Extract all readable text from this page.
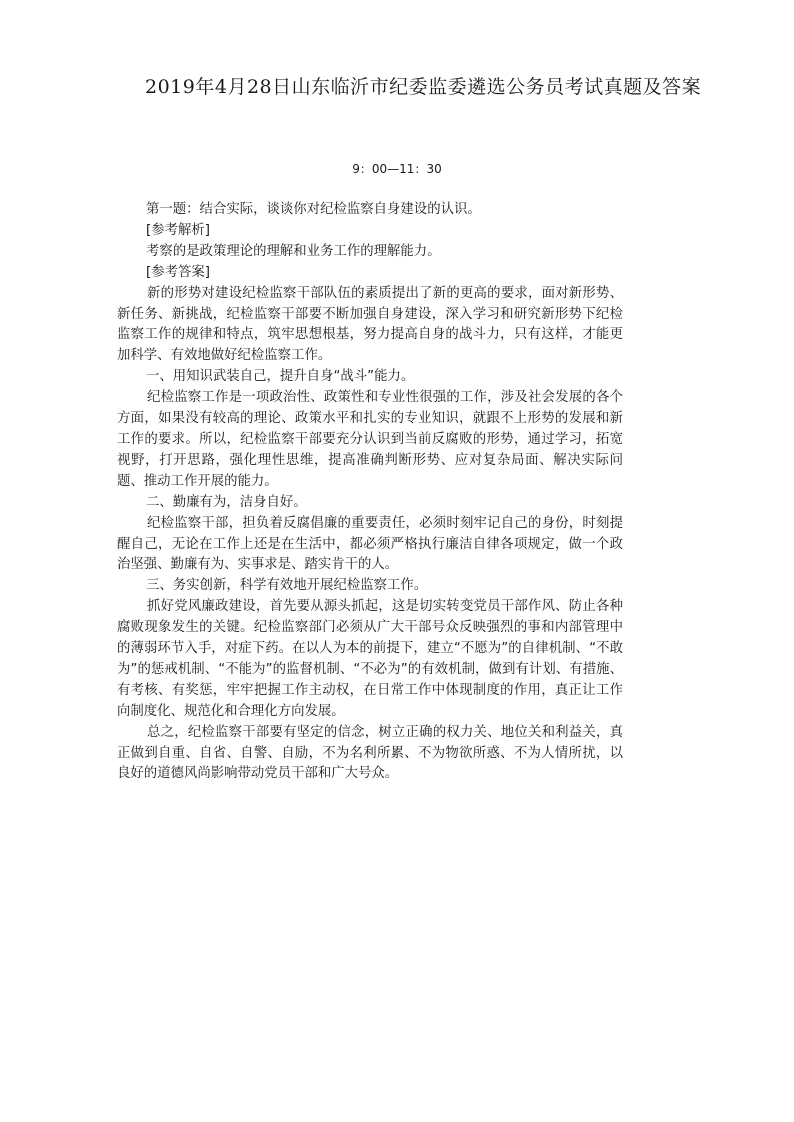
2019年4月28日山东临沂市纪委监委遴选公务员考试真题及答案

9：00—11：30

第一题：结合实际，谈谈你对纪检监察自身建设的认识。

[参考解析]

考察的是政策理论的理解和业务工作的理解能力。

[参考答案]

新的形势对建设纪检监察干部队伍的素质提出了新的更高的要求，面对新形势、新任务、新挑战，纪检监察干部要不断加强自身建设，深入学习和研究新形势下纪检监察工作的规律和特点，筑牢思想根基，努力提高自身的战斗力，只有这样，才能更加科学、有效地做好纪检监察工作。

一、用知识武装自己，提升自身“战斗”能力。

纪检监察工作是一项政治性、政策性和专业性很强的工作，涉及社会发展的各个方面，如果没有较高的理论、政策水平和扎实的专业知识，就跟不上形势的发展和新工作的要求。所以，纪检监察干部要充分认识到当前反腐败的形势，通过学习，拓宽视野，打开思路，强化理性思维，提高准确判断形势、应对复杂局面、解决实际问题、推动工作开展的能力。

二、勤廉有为，洁身自好。

纪检监察干部，担负着反腐倡廉的重要责任，必须时刻牢记自己的身份，时刻提醒自己，无论在工作上还是在生活中，都必须严格执行廉洁自律各项规定，做一个政治坚强、勤廉有为、实事求是、踏实肯干的人。

三、务实创新，科学有效地开展纪检监察工作。

抓好党风廉政建设，首先要从源头抓起，这是切实转变党员干部作风、防止各种腐败现象发生的关键。纪检监察部门必须从广大干部号众反映强烈的事和内部管理中的薄弱环节入手，对症下药。在以人为本的前提下，建立“不愿为”的自律机制、“不敢为”的惩戒机制、“不能为”的监督机制、“不必为”的有效机制，做到有计划、有措施、有考核、有奖惩，牢牢把握工作主动权，在日常工作中体现制度的作用，真正让工作向制度化、规范化和合理化方向发展。

总之，纪检监察干部要有坚定的信念，树立正确的权力关、地位关和利益关，真正做到自重、自省、自警、自励，不为名利所累、不为物欲所惑、不为人情所扰，以良好的道德风尚影响带动党员干部和广大号众。
